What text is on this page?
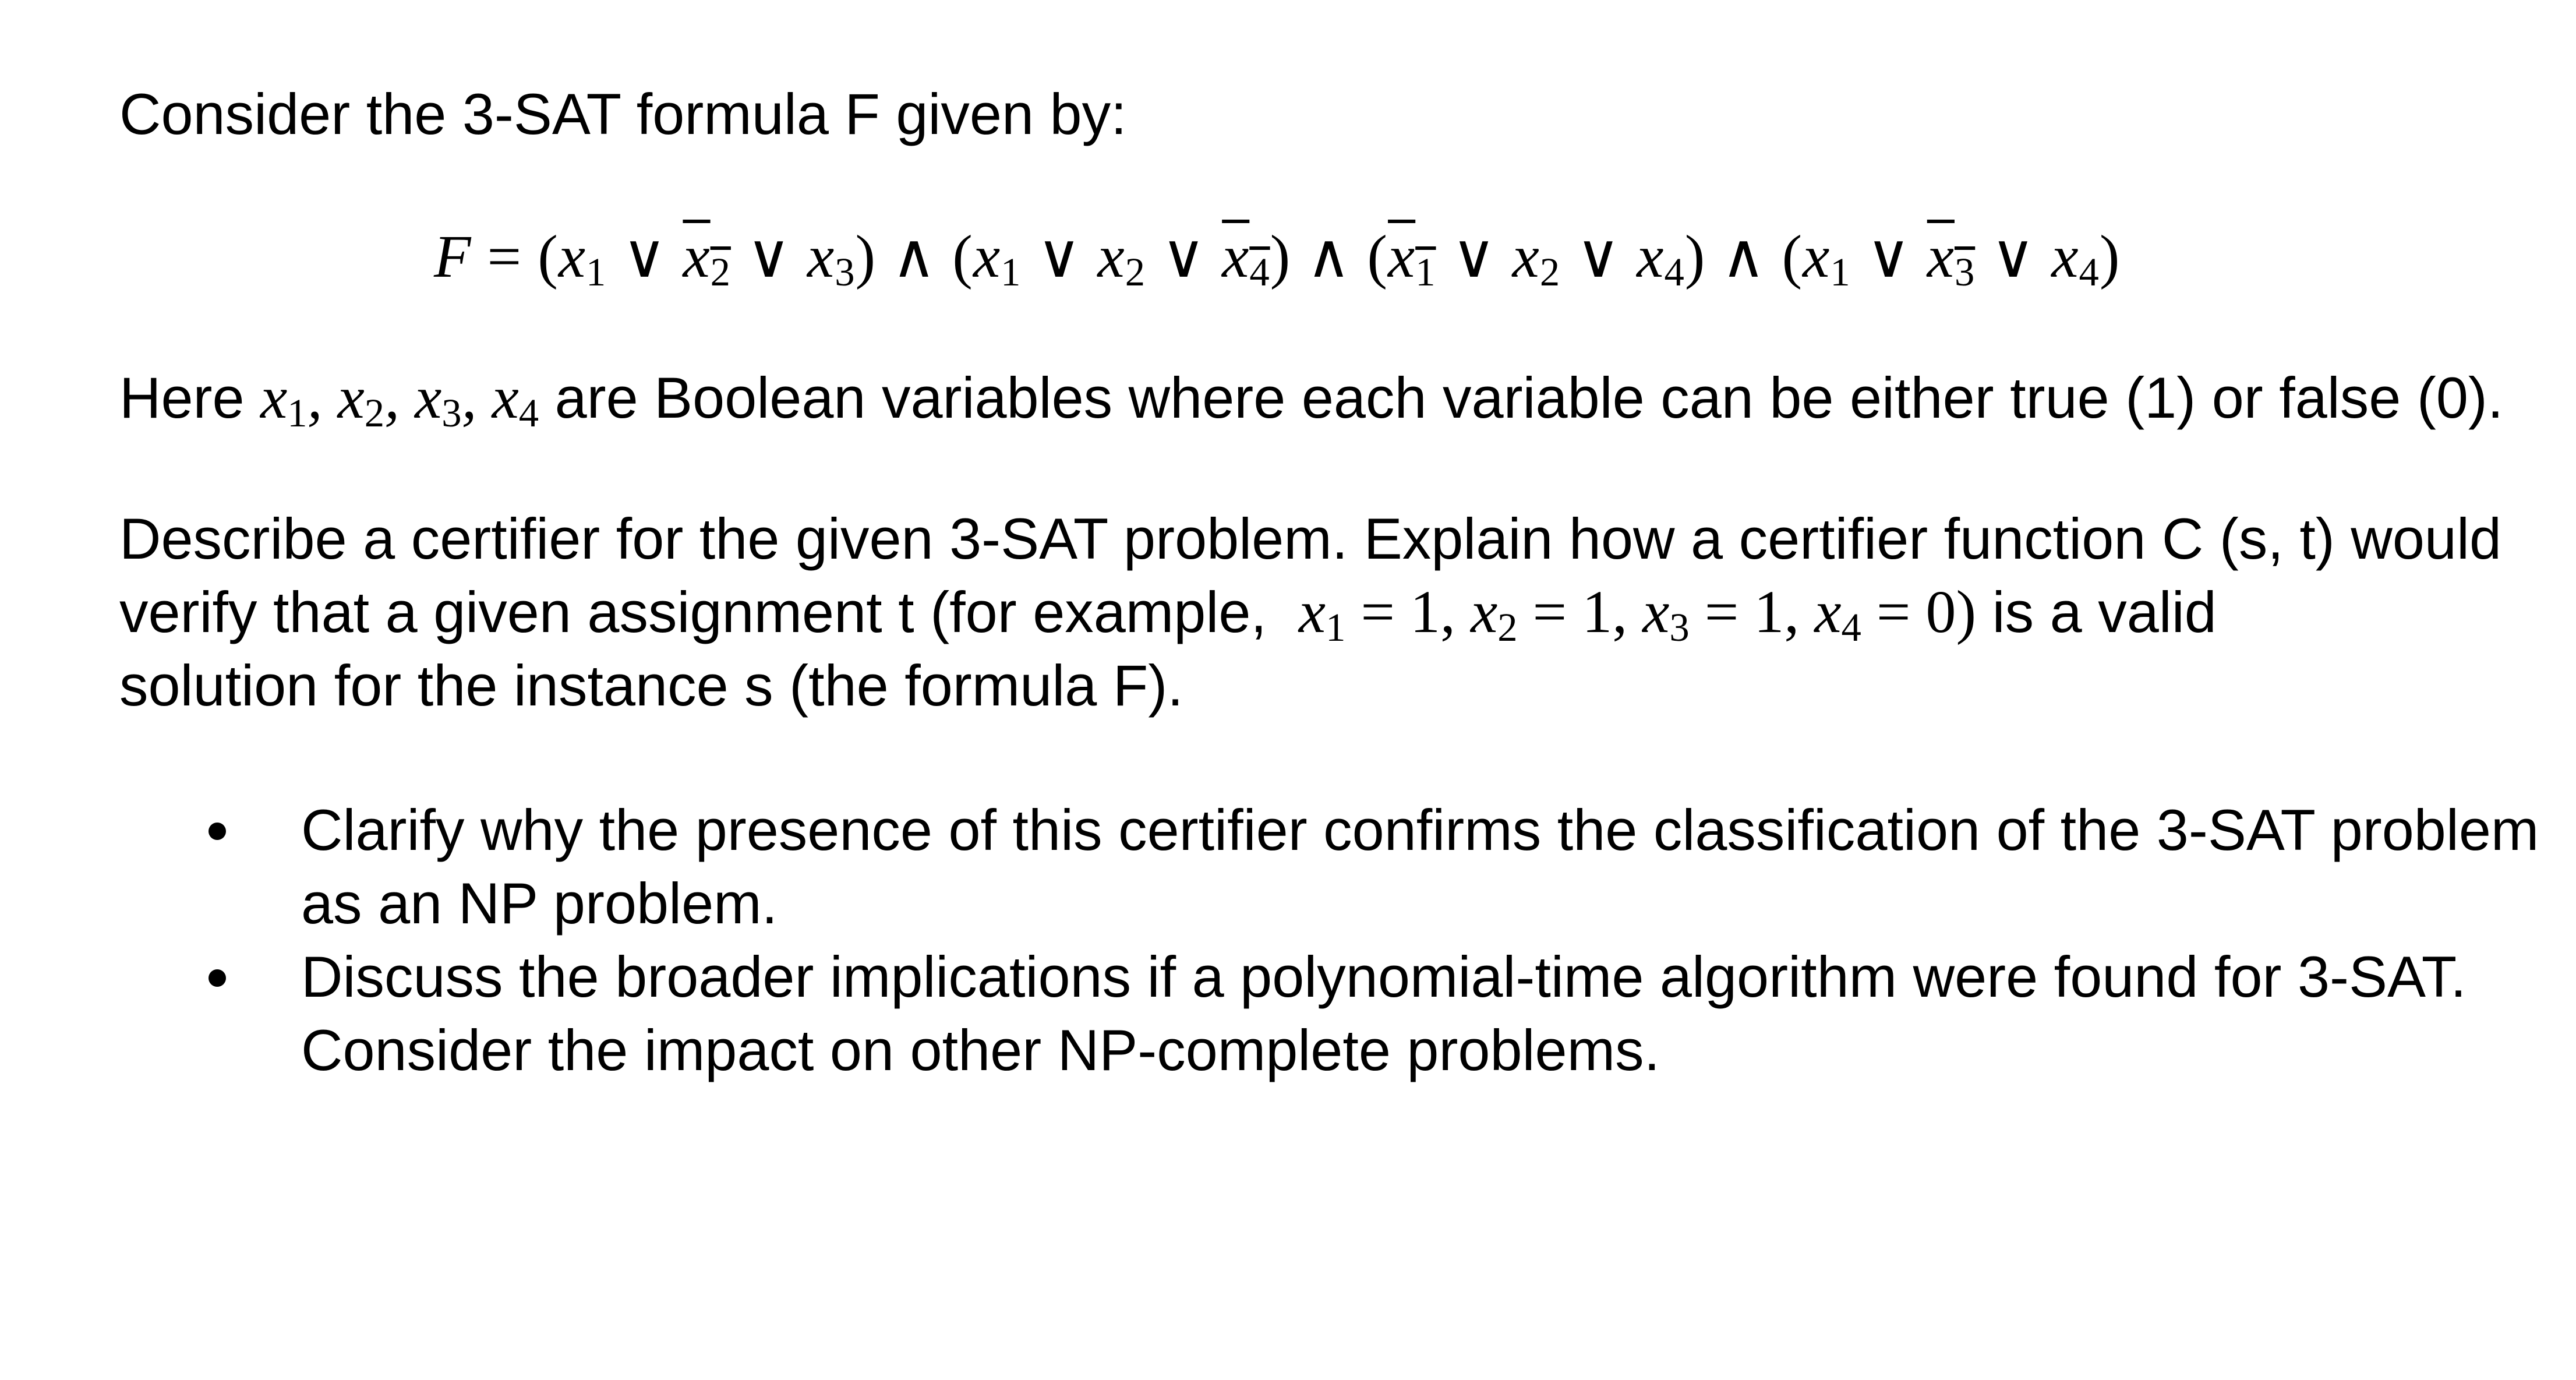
Consider the 3-SAT formula F given by:
$F = (x_1$ ∨ $x_2$ ∨ $x_3$) ∧ ($x_1$ ∨ $x_2$ ∨ $x_4$) ∧ ($x_1$ ∨ $x_2$ ∨ $x_4$) ∧ ($x_1$ ∨ $x_3$ ∨ $x_4$)
Here $x_1$, $x_2$, $x_3$, $x_4$ are Boolean variables where each variable can be either true (1) or false (0).
Describe a certifier for the given 3-SAT problem. Explain how a certifier function C (s, t) would
verify that a given assignment t (for example, $x_1 = 1$, $x_2 = 1$, $x_3 = 1$, $x_4 = 0$) is a valid
solution for the instance s (the formula F).
Clarify why the presence of this certifier confirms the classification of the 3-SAT problem
as an NP problem.
Discuss the broader implications if a polynomial-time algorithm were found for 3-SAT.
Consider the impact on other NP-complete problems.
